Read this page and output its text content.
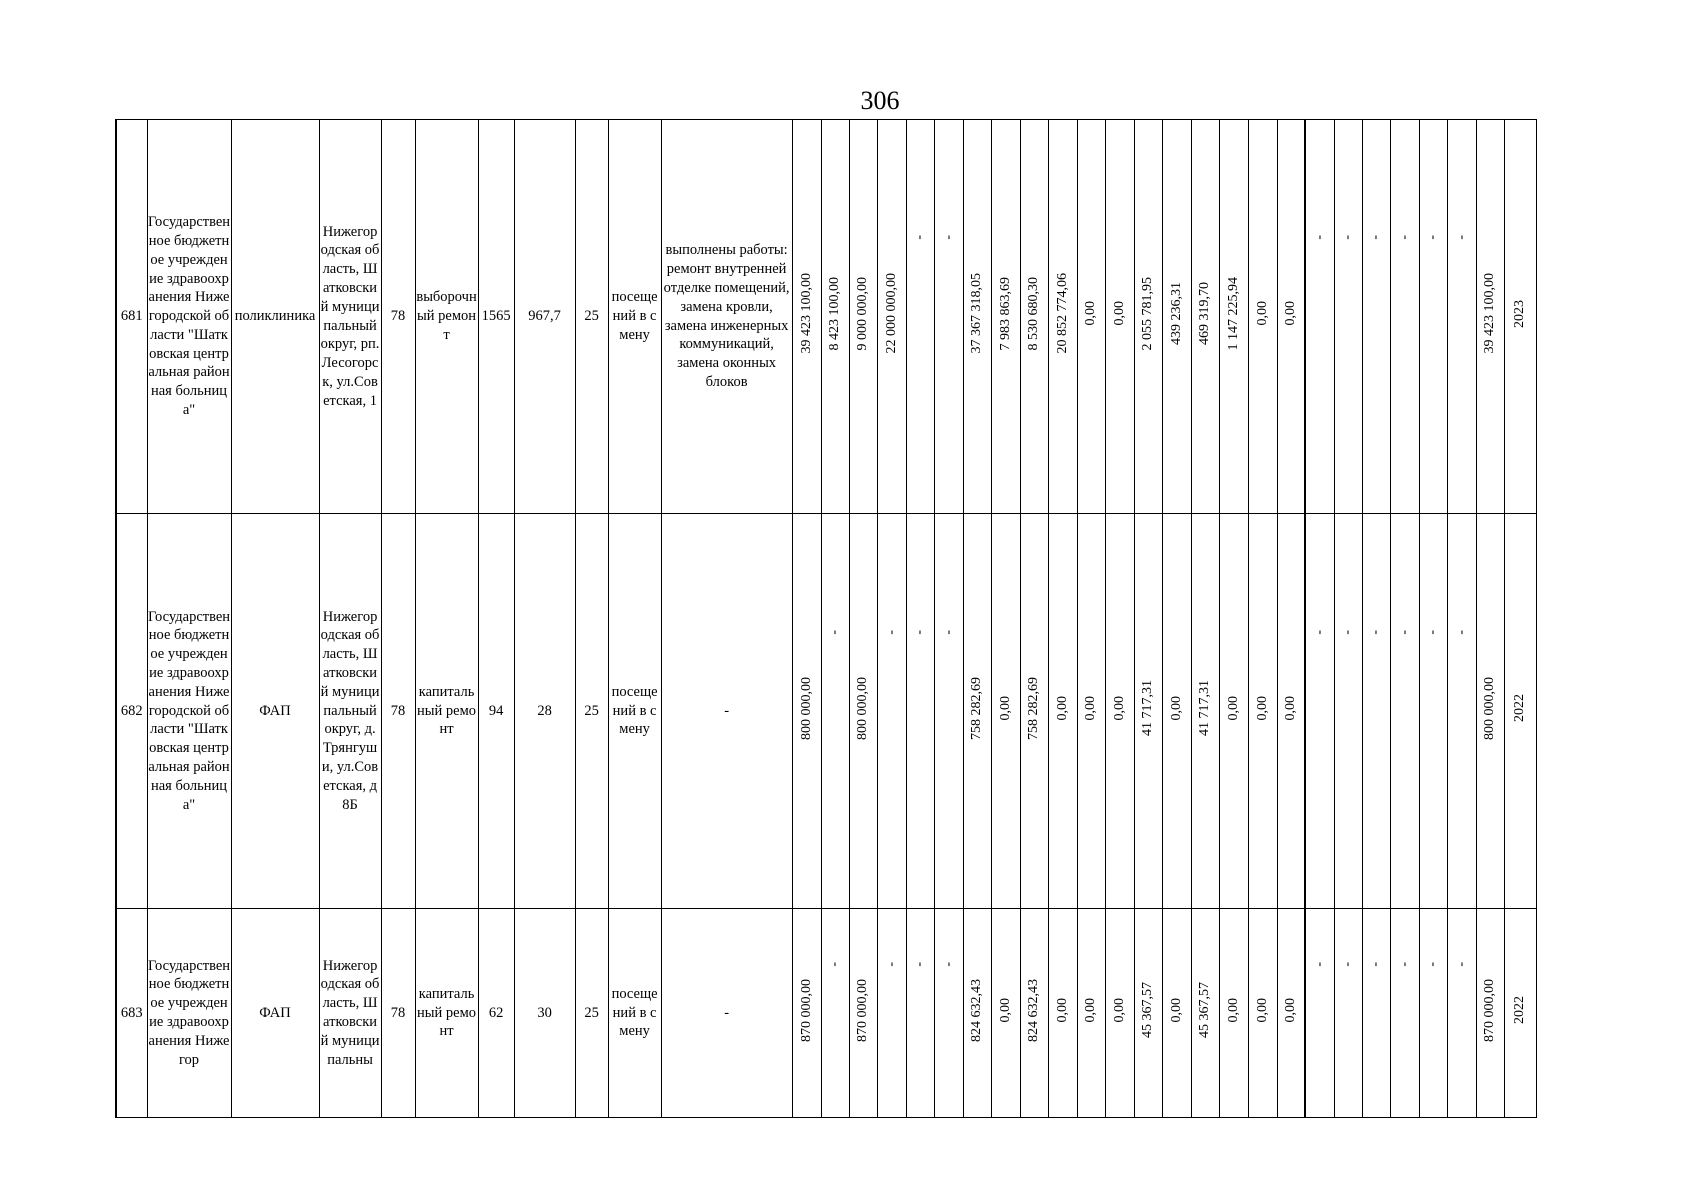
306
681	Государственное бюджетное учреждение здравоохранения Нижегородской области "Шатковская центральная районная больница"	поликлиника	Нижегородская область, Шатковский муниципальный округ, рп. Лесогорск, ул.Советская, 1	78	выборочный ремонт	1565	967,7	25	посещений в смену	выполнены работы: ремонт внутренней отделке помещений, замена кровли, замена инженерных коммуникаций, замена оконных блоков	39 423 100,00	8 423 100,00	9 000 000,00	22 000 000,00	-	-	37 367 318,05	7 983 863,69	8 530 680,30	20 852 774,06	0,00	0,00	2 055 781,95	439 236,31	469 319,70	1 147 225,94	0,00	0,00	-	-	-	-	-	-	39 423 100,00	2023
682	Государственное бюджетное учреждение здравоохранения Нижегородской области "Шатковская центральная районная больница"	ФАП	Нижегородская область, Шатковский муниципальный округ, д. Трянгуши, ул.Советская, д8Б	78	капитальный ремонт	94	28	25	посещений в смену	-	800 000,00	-	800 000,00	-	-	-	758 282,69	0,00	758 282,69	0,00	0,00	0,00	41 717,31	0,00	41 717,31	0,00	0,00	0,00	-	-	-	-	-	-	800 000,00	2022
683	Государственное бюджетное учреждение здравоохранения Нижегор	ФАП	Нижегородская область, Шатковский муниципальны	78	капитальный ремонт	62	30	25	посещений в смену	-	870 000,00	-	870 000,00	-	-	-	824 632,43	0,00	824 632,43	0,00	0,00	0,00	45 367,57	0,00	45 367,57	0,00	0,00	0,00	-	-	-	-	-	-	870 000,00	2022
